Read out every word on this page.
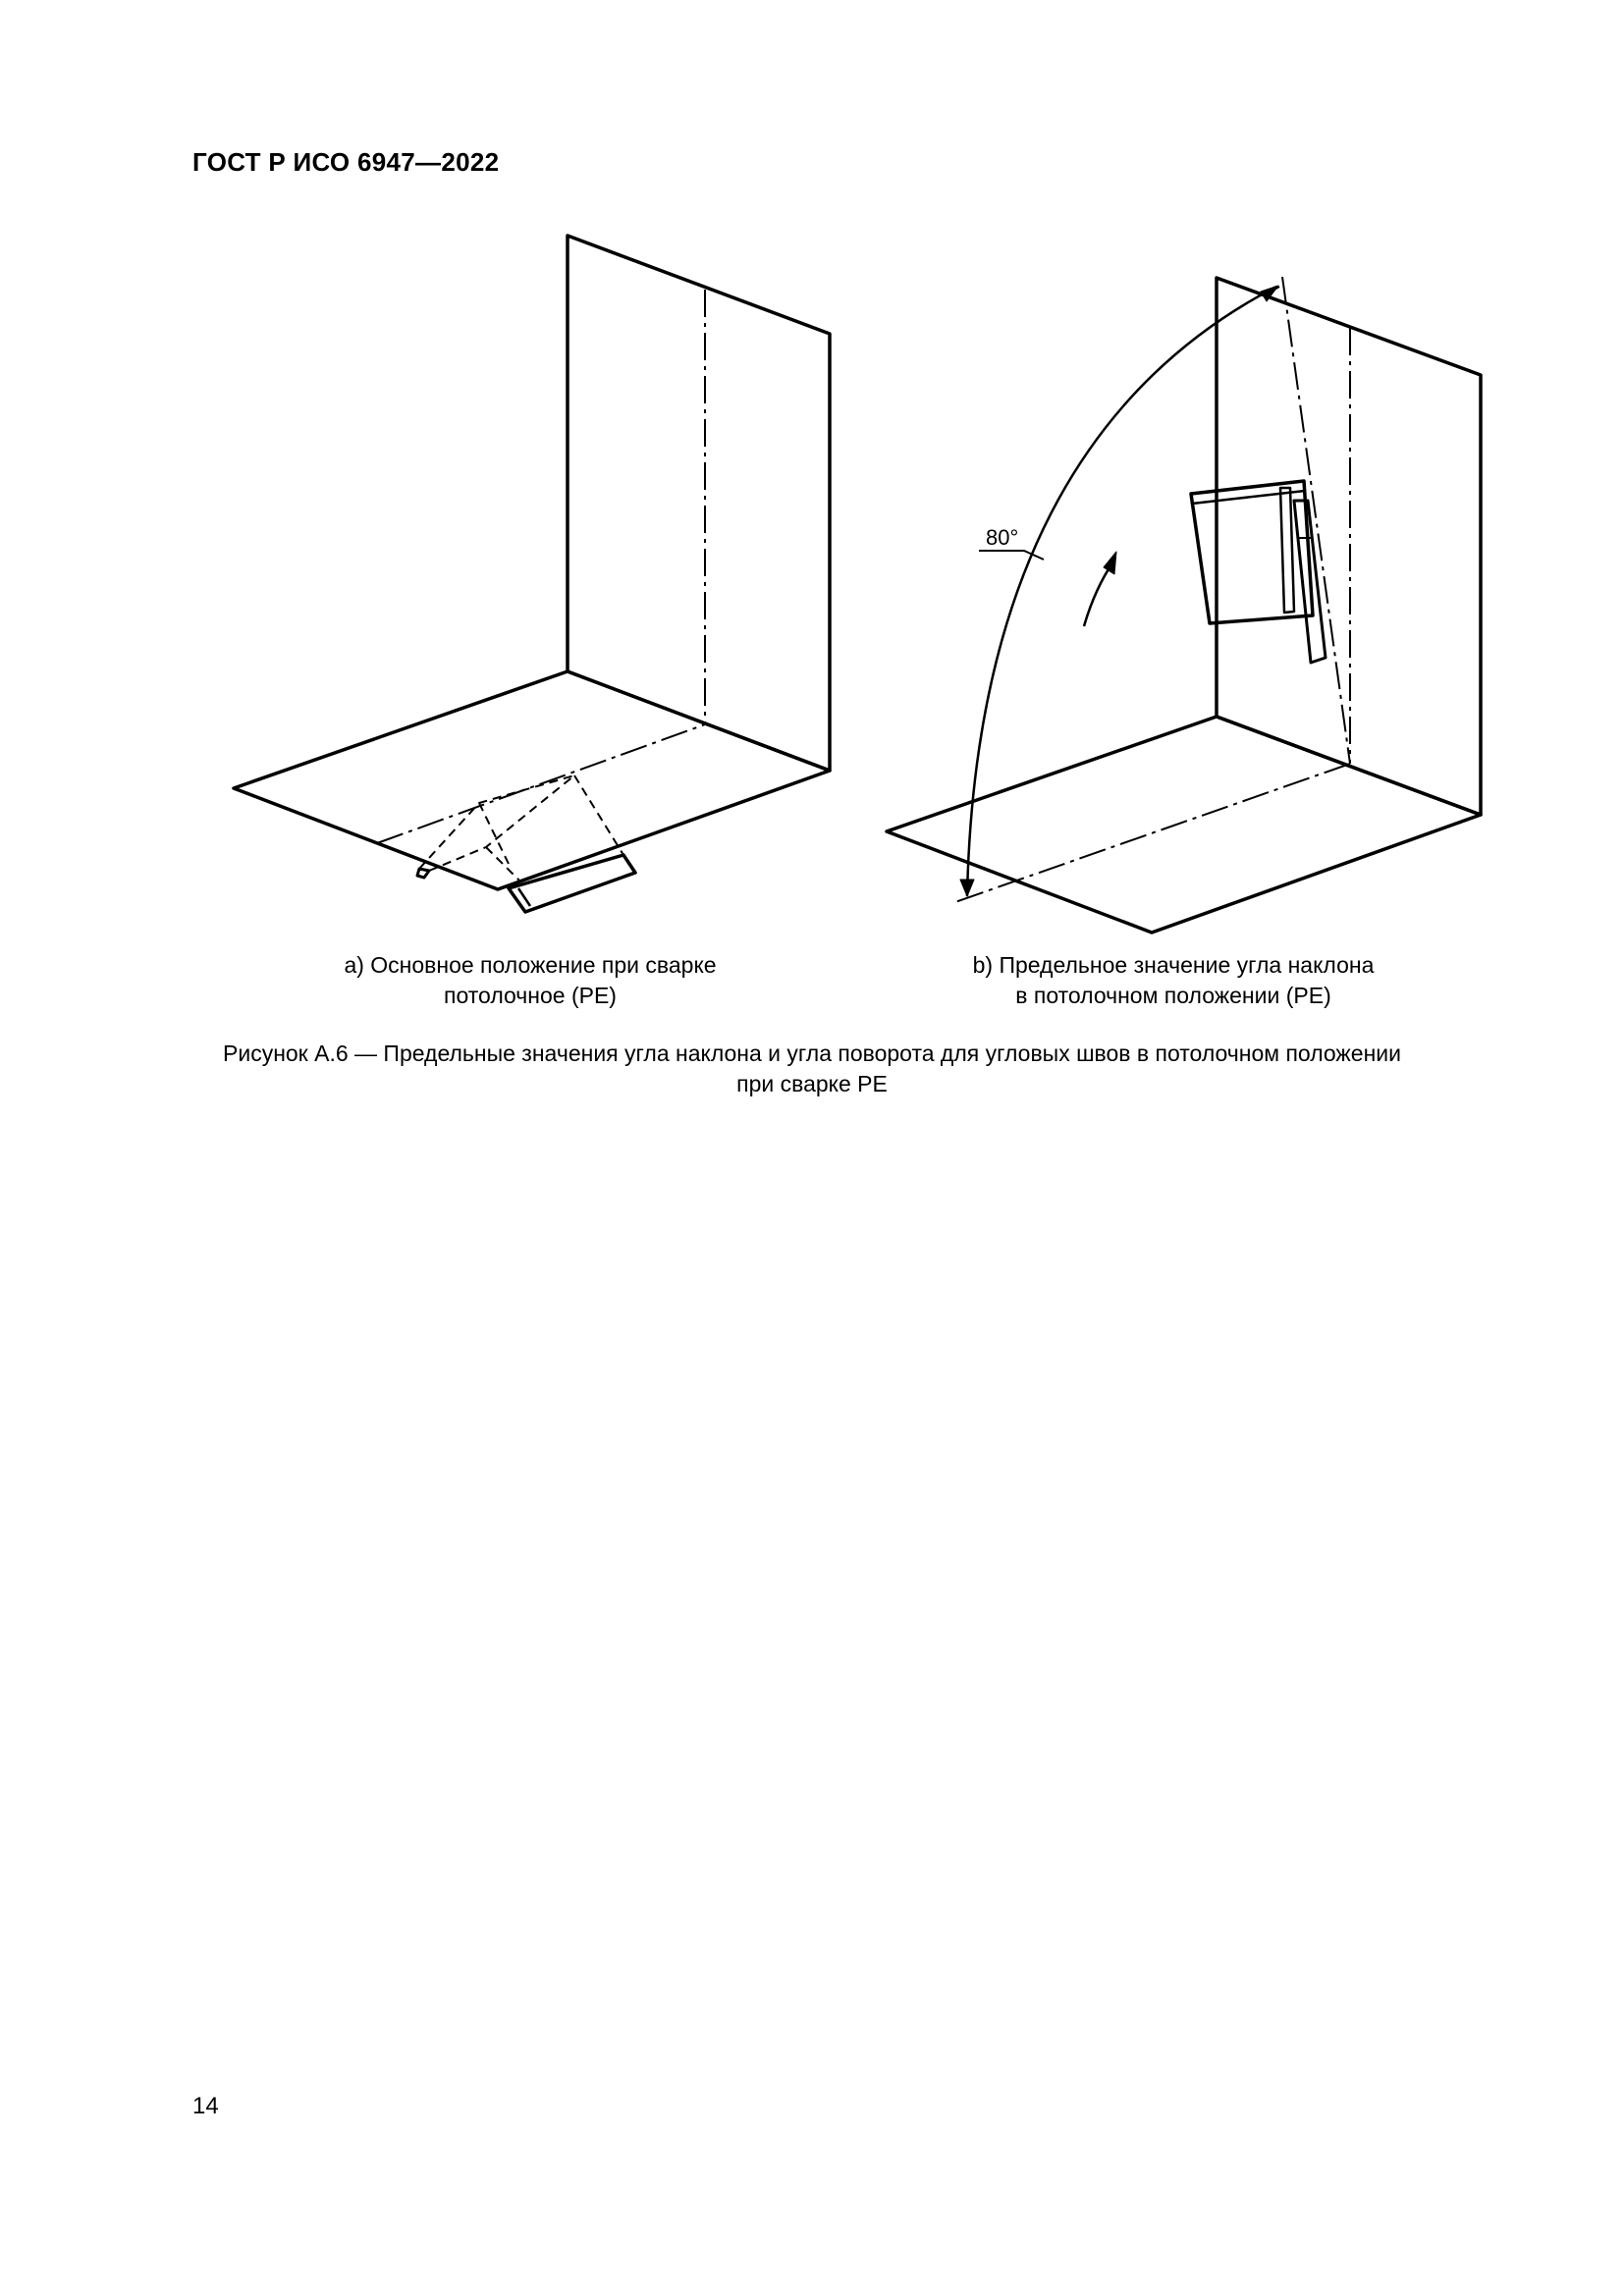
ГОСТ Р ИСО 6947—2022
80°
а) Основное положение при сварке
потолочное (PE)
b) Предельное значение угла наклона
в потолочном положении (PE)
Рисунок А.6 — Предельные значения угла наклона и угла поворота для угловых швов в потолочном положении
при сварке PE
14
